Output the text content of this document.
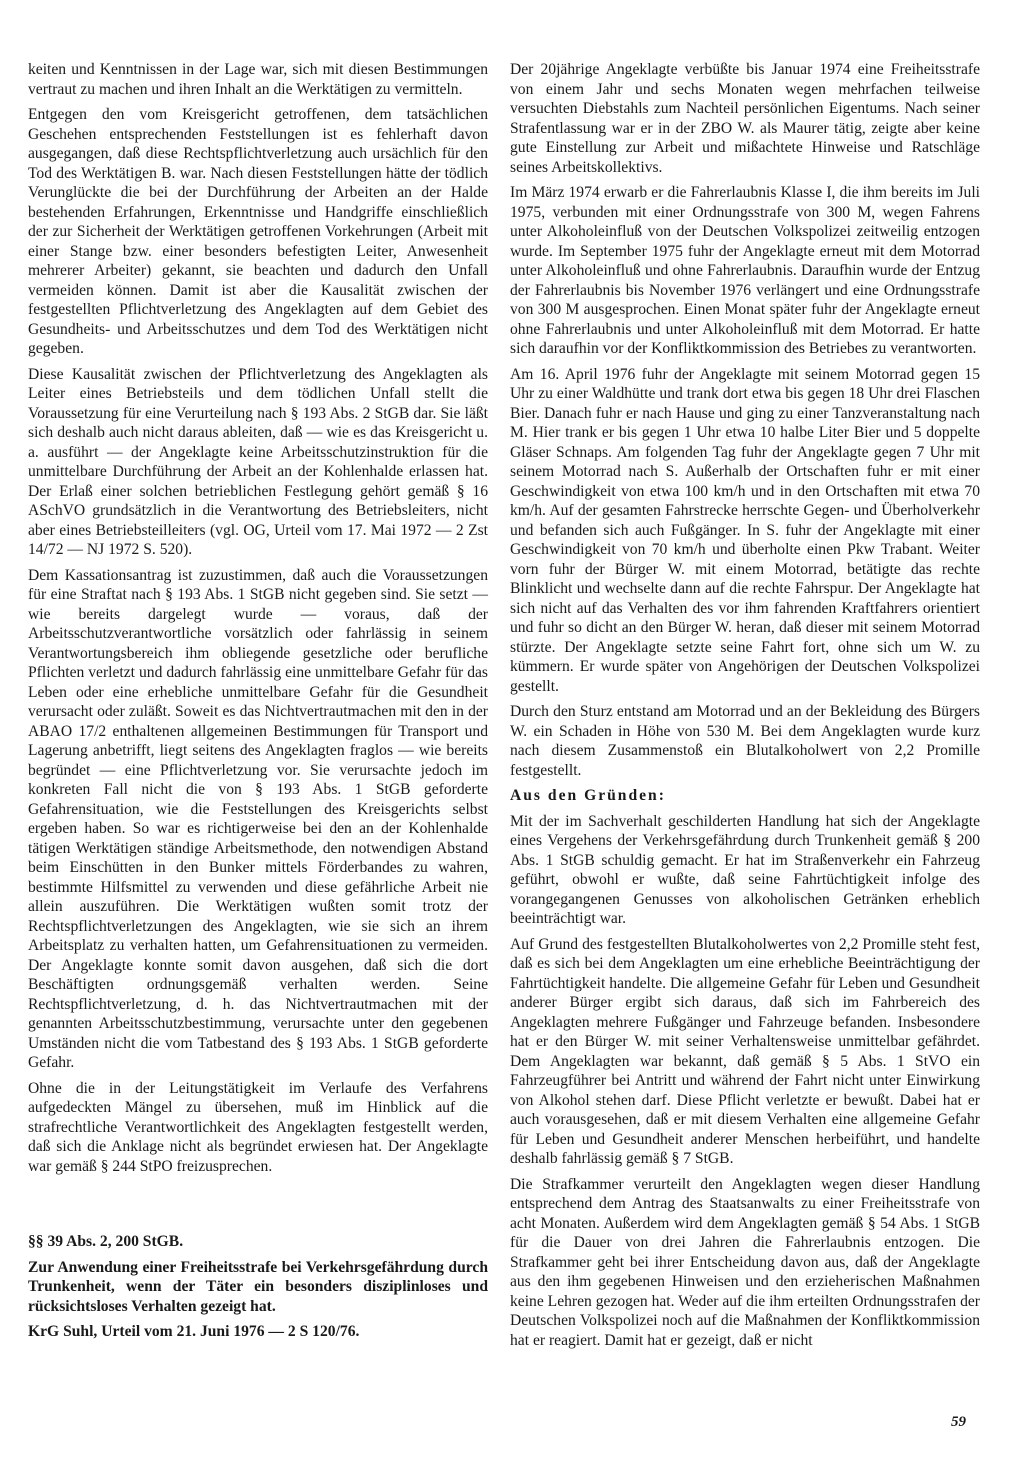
keiten und Kenntnissen in der Lage war, sich mit diesen Bestimmungen vertraut zu machen und ihren Inhalt an die Werktätigen zu vermitteln.

Entgegen den vom Kreisgericht getroffenen, dem tatsächlichen Geschehen entsprechenden Feststellungen ist es fehlerhaft davon ausgegangen, daß diese Rechtspflichtverletzung auch ursächlich für den Tod des Werktätigen B. war. Nach diesen Feststellungen hätte der tödlich Verunglückte die bei der Durchführung der Arbeiten an der Halde bestehenden Erfahrungen, Erkenntnisse und Handgriffe einschließlich der zur Sicherheit der Werktätigen getroffenen Vorkehrungen (Arbeit mit einer Stange bzw. einer besonders befestigten Leiter, Anwesenheit mehrerer Arbeiter) gekannt, sie beachten und dadurch den Unfall vermeiden können. Damit ist aber die Kausalität zwischen der festgestellten Pflichtverletzung des Angeklagten auf dem Gebiet des Gesundheits- und Arbeitsschutzes und dem Tod des Werktätigen nicht gegeben.

Diese Kausalität zwischen der Pflichtverletzung des Angeklagten als Leiter eines Betriebsteils und dem tödlichen Unfall stellt die Voraussetzung für eine Verurteilung nach § 193 Abs. 2 StGB dar. Sie läßt sich deshalb auch nicht daraus ableiten, daß — wie es das Kreisgericht u. a. ausführt — der Angeklagte keine Arbeitsschutzinstruktion für die unmittelbare Durchführung der Arbeit an der Kohlenhalde erlassen hat. Der Erlaß einer solchen betrieblichen Festlegung gehört gemäß § 16 ASchVO grundsätzlich in die Verantwortung des Betriebsleiters, nicht aber eines Betriebsteilleiters (vgl. OG, Urteil vom 17. Mai 1972 — 2 Zst 14/72 — NJ 1972 S. 520).

Dem Kassationsantrag ist zuzustimmen, daß auch die Voraussetzungen für eine Straftat nach § 193 Abs. 1 StGB nicht gegeben sind. Sie setzt — wie bereits dargelegt wurde — voraus, daß der Arbeitsschutzverantwortliche vorsätzlich oder fahrlässig in seinem Verantwortungsbereich ihm obliegende gesetzliche oder berufliche Pflichten verletzt und dadurch fahrlässig eine unmittelbare Gefahr für das Leben oder eine erhebliche unmittelbare Gefahr für die Gesundheit verursacht oder zuläßt. Soweit es das Nichtvertrautmachen mit den in der ABAO 17/2 enthaltenen allgemeinen Bestimmungen für Transport und Lagerung anbetrifft, liegt seitens des Angeklagten fraglos — wie bereits begründet — eine Pflichtverletzung vor. Sie verursachte jedoch im konkreten Fall nicht die von § 193 Abs. 1 StGB geforderte Gefahrensituation, wie die Feststellungen des Kreisgerichts selbst ergeben haben. So war es richtigerweise bei den an der Kohlenhalde tätigen Werktätigen ständige Arbeitsmethode, den notwendigen Abstand beim Einschütten in den Bunker mittels Förderbandes zu wahren, bestimmte Hilfsmittel zu verwenden und diese gefährliche Arbeit nie allein auszuführen. Die Werktätigen wußten somit trotz der Rechtspflichtverletzungen des Angeklagten, wie sie sich an ihrem Arbeitsplatz zu verhalten hatten, um Gefahrensituationen zu vermeiden. Der Angeklagte konnte somit davon ausgehen, daß sich die dort Beschäftigten ordnungsgemäß verhalten werden. Seine Rechtspflichtverletzung, d. h. das Nichtvertrautmachen mit der genannten Arbeitsschutzbestimmung, verursachte unter den gegebenen Umständen nicht die vom Tatbestand des § 193 Abs. 1 StGB geforderte Gefahr.

Ohne die in der Leitungstätigkeit im Verlaufe des Verfahrens aufgedeckten Mängel zu übersehen, muß im Hinblick auf die strafrechtliche Verantwortlichkeit des Angeklagten festgestellt werden, daß sich die Anklage nicht als begründet erwiesen hat. Der Angeklagte war gemäß § 244 StPO freizusprechen.

§§ 39 Abs. 2, 200 StGB.

Zur Anwendung einer Freiheitsstrafe bei Verkehrsgefährdung durch Trunkenheit, wenn der Täter ein besonders disziplinloses und rücksichtsloses Verhalten gezeigt hat.

KrG Suhl, Urteil vom 21. Juni 1976 — 2 S 120/76.

Der 20jährige Angeklagte verbüßte bis Januar 1974 eine Freiheitsstrafe von einem Jahr und sechs Monaten wegen mehrfachen teilweise versuchten Diebstahls zum Nachteil persönlichen Eigentums. Nach seiner Strafentlassung war er in der ZBO W. als Maurer tätig, zeigte aber keine gute Einstellung zur Arbeit und mißachtete Hinweise und Ratschläge seines Arbeitskollektivs.

Im März 1974 erwarb er die Fahrerlaubnis Klasse I, die ihm bereits im Juli 1975, verbunden mit einer Ordnungsstrafe von 300 M, wegen Fahrens unter Alkoholeinfluß von der Deutschen Volkspolizei zeitweilig entzogen wurde. Im September 1975 fuhr der Angeklagte erneut mit dem Motorrad unter Alkoholeinfluß und ohne Fahrerlaubnis. Daraufhin wurde der Entzug der Fahrerlaubnis bis November 1976 verlängert und eine Ordnungsstrafe von 300 M ausgesprochen. Einen Monat später fuhr der Angeklagte erneut ohne Fahrerlaubnis und unter Alkoholeinfluß mit dem Motorrad. Er hatte sich daraufhin vor der Konfliktkommission des Betriebes zu verantworten.

Am 16. April 1976 fuhr der Angeklagte mit seinem Motorrad gegen 15 Uhr zu einer Waldhütte und trank dort etwa bis gegen 18 Uhr drei Flaschen Bier. Danach fuhr er nach Hause und ging zu einer Tanzveranstaltung nach M. Hier trank er bis gegen 1 Uhr etwa 10 halbe Liter Bier und 5 doppelte Gläser Schnaps. Am folgenden Tag fuhr der Angeklagte gegen 7 Uhr mit seinem Motorrad nach S. Außerhalb der Ortschaften fuhr er mit einer Geschwindigkeit von etwa 100 km/h und in den Ortschaften mit etwa 70 km/h. Auf der gesamten Fahrstrecke herrschte Gegen- und Überholverkehr und befanden sich auch Fußgänger. In S. fuhr der Angeklagte mit einer Geschwindigkeit von 70 km/h und überholte einen Pkw Trabant. Weiter vorn fuhr der Bürger W. mit einem Motorrad, betätigte das rechte Blinklicht und wechselte dann auf die rechte Fahrspur. Der Angeklagte hat sich nicht auf das Verhalten des vor ihm fahrenden Kraftfahrers orientiert und fuhr so dicht an den Bürger W. heran, daß dieser mit seinem Motorrad stürzte. Der Angeklagte setzte seine Fahrt fort, ohne sich um W. zu kümmern. Er wurde später von Angehörigen der Deutschen Volkspolizei gestellt.

Durch den Sturz entstand am Motorrad und an der Bekleidung des Bürgers W. ein Schaden in Höhe von 530 M. Bei dem Angeklagten wurde kurz nach diesem Zusammenstoß ein Blutalkoholwert von 2,2 Promille festgestellt.

Aus den Gründen:

Mit der im Sachverhalt geschilderten Handlung hat sich der Angeklagte eines Vergehens der Verkehrsgefährdung durch Trunkenheit gemäß § 200 Abs. 1 StGB schuldig gemacht. Er hat im Straßenverkehr ein Fahrzeug geführt, obwohl er wußte, daß seine Fahrtüchtigkeit infolge des vorangegangenen Genusses von alkoholischen Getränken erheblich beeinträchtigt war.

Auf Grund des festgestellten Blutalkoholwertes von 2,2 Promille steht fest, daß es sich bei dem Angeklagten um eine erhebliche Beeinträchtigung der Fahrtüchtigkeit handelte. Die allgemeine Gefahr für Leben und Gesundheit anderer Bürger ergibt sich daraus, daß sich im Fahrbereich des Angeklagten mehrere Fußgänger und Fahrzeuge befanden. Insbesondere hat er den Bürger W. mit seiner Verhaltensweise unmittelbar gefährdet. Dem Angeklagten war bekannt, daß gemäß § 5 Abs. 1 StVO ein Fahrzeugführer bei Antritt und während der Fahrt nicht unter Einwirkung von Alkohol stehen darf. Diese Pflicht verletzte er bewußt. Dabei hat er auch vorausgesehen, daß er mit diesem Verhalten eine allgemeine Gefahr für Leben und Gesundheit anderer Menschen herbeiführt, und handelte deshalb fahrlässig gemäß § 7 StGB.

Die Strafkammer verurteilt den Angeklagten wegen dieser Handlung entsprechend dem Antrag des Staatsanwalts zu einer Freiheitsstrafe von acht Monaten. Außerdem wird dem Angeklagten gemäß § 54 Abs. 1 StGB für die Dauer von drei Jahren die Fahrerlaubnis entzogen. Die Strafkammer geht bei ihrer Entscheidung davon aus, daß der Angeklagte aus den ihm gegebenen Hinweisen und den erzieherischen Maßnahmen keine Lehren gezogen hat. Weder auf die ihm erteilten Ordnungsstrafen der Deutschen Volkspolizei noch auf die Maßnahmen der Konfliktkommission hat er reagiert. Damit hat er gezeigt, daß er nicht

59
